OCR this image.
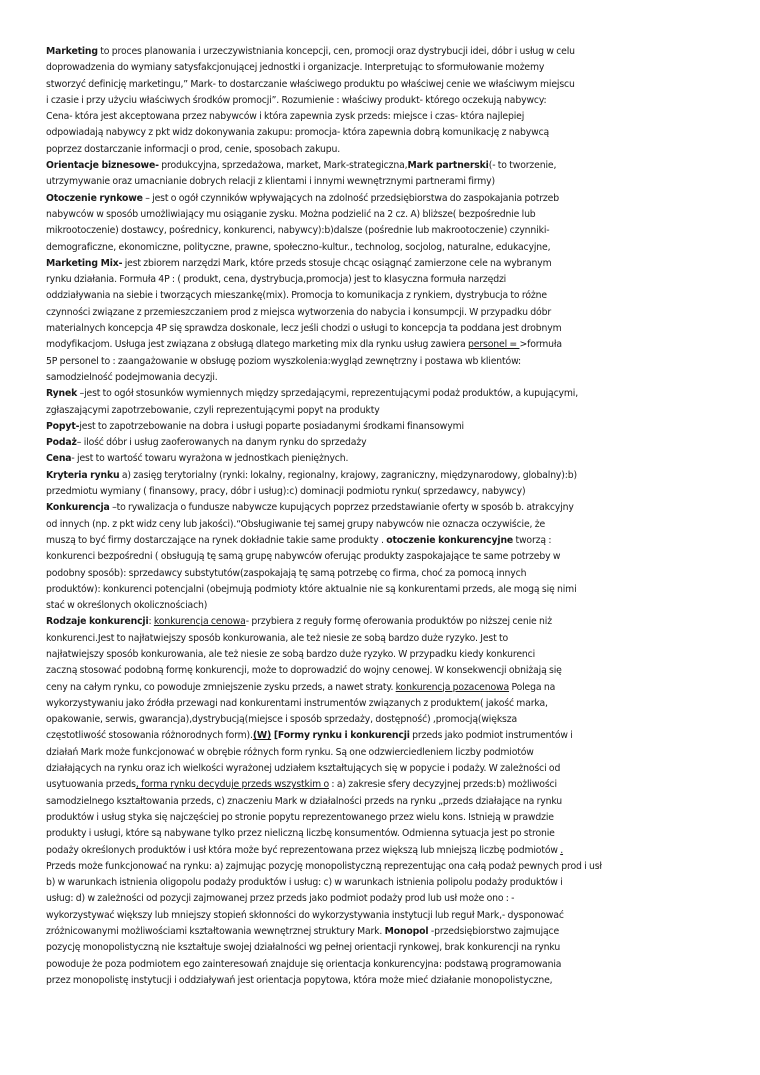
Marketing to proces planowania i urzeczywistniania koncepcji, cen, promocji oraz dystrybucji idei, dóbr i usług w celu
doprowadzenia do wymiany satysfakcjonującej jednostki i organizacje. Interpretując to sformułowanie możemy
stworzyć definicję marketingu,” Mark- to dostarczanie właściwego produktu po właściwej cenie we właściwym miejscu
i czasie i przy użyciu właściwych środków promocji”. Rozumienie : właściwy produkt- którego oczekują nabywcy:
Cena- która jest akceptowana przez nabywców i która zapewnia zysk przeds: miejsce i czas- która najlepiej
odpowiadają nabywcy z pkt widz dokonywania zakupu: promocja- która zapewnia dobrą komunikację z nabywcą
poprzez dostarczanie informacji o prod, cenie, sposobach zakupu.
Orientacje biznesowe- produkcyjna, sprzedażowa, market, Mark-strategiczna,Mark partnerski(- to tworzenie,
utrzymywanie oraz umacnianie dobrych relacji z klientami i innymi wewnętrznymi partnerami firmy)
Otoczenie rynkowe – jest o ogół czynników wpływających na zdolność przedsiębiorstwa do zaspokajania potrzeb
nabywców w sposób umożliwiający mu osiąganie zysku. Można podzielić na 2 cz. A) bliższe( bezpośrednie lub
mikrootoczenie) dostawcy, pośrednicy, konkurenci, nabywcy):b)dalsze (pośrednie lub makrootoczenie) czynniki-
demograficzne, ekonomiczne, polityczne, prawne, społeczno-kultur., technolog, socjolog, naturalne, edukacyjne,
Marketing Mix- jest zbiorem narzędzi Mark, które przeds stosuje chcąc osiągnąć zamierzone cele na wybranym
rynku działania. Formuła 4P : ( produkt, cena, dystrybucja,promocja) jest to klasyczna formuła narzędzi
oddziaływania na siebie i tworzących mieszankę(mix). Promocja to komunikacja z rynkiem, dystrybucja to różne
czynności związane z przemieszczaniem prod z miejsca wytworzenia do nabycia i konsumpcji. W przypadku dóbr
materialnych koncepcja 4P się sprawdza doskonale, lecz jeśli chodzi o usługi to koncepcja ta poddana jest drobnym
modyfikacjom. Usługa jest związana z obsługą dlatego marketing mix dla rynku usług zawiera personel = >formuła
5P personel to : zaangażowanie w obsługę poziom wyszkolenia:wygląd zewnętrzny i postawa wb klientów:
samodzielność podejmowania decyzji.
Rynek –jest to ogół stosunków wymiennych między sprzedającymi, reprezentującymi podaż produktów, a kupującymi,
zgłaszającymi zapotrzebowanie, czyli reprezentującymi popyt na produkty
Popyt-jest to zapotrzebowanie na dobra i usługi poparte posiadanymi środkami finansowymi
Podaż– ilość dóbr i usług zaoferowanych na danym rynku do sprzedaży
Cena- jest to wartość towaru wyrażona w jednostkach pieniężnych.
Kryteria rynku a) zasięg terytorialny (rynki: lokalny, regionalny, krajowy, zagraniczny, międzynarodowy, globalny):b)
przedmiotu wymiany ( finansowy, pracy, dóbr i usług):c) dominacji podmiotu rynku( sprzedawcy, nabywcy)
Konkurencja –to rywalizacja o fundusze nabywcze kupujących poprzez przedstawianie oferty w sposób b. atrakcyjny
od innych (np. z pkt widz ceny lub jakości).“Obsługiwanie tej samej grupy nabywców nie oznacza oczywiście, że
muszą to być firmy dostarczające na rynek dokładnie takie same produkty . otoczenie konkurencyjne tworzą :
konkurenci bezpośredni ( obsługują tę samą grupę nabywców oferując produkty zaspokajające te same potrzeby w
podobny sposób): sprzedawcy substytutów(zaspokajają tę samą potrzebę co firma, choć za pomocą innych
produktów): konkurenci potencjalni (obejmują podmioty które aktualnie nie są konkurentami przeds, ale mogą się nimi
stać w określonych okolicznościach)
Rodzaje konkurencji: konkurencja cenowa- przybiera z reguły formę oferowania produktów po niższej cenie niż
konkurenci.Jest to najłatwiejszy sposób konkurowania, ale też niesie ze sobą bardzo duże ryzyko. Jest to
najłatwiejszy sposób konkurowania, ale też niesie ze sobą bardzo duże ryzyko. W przypadku kiedy konkurenci
zaczną stosować podobną formę konkurencji, może to doprowadzić do wojny cenowej. W konsekwencji obniżają się
ceny na całym rynku, co powoduje zmniejszenie zysku przeds, a nawet straty. konkurencja pozacenowa Polega na
wykorzystywaniu jako źródła przewagi nad konkurentami instrumentów związanych z produktem( jakość marka,
opakowanie, serwis, gwarancja),dystrybucją(miejsce i sposób sprzedaży, dostępność) ,promocją(większa
częstotliwość stosowania różnorodnych form).(W) [Formy rynku i konkurencji przeds jako podmiot instrumentów i
działań Mark może funkcjonować w obrębie różnych form rynku. Są one odzwierciedleniem liczby podmiotów
działających na rynku oraz ich wielkości wyrażonej udziałem kształtujących się w popycie i podaży. W zależności od
usytuowania przeds, forma rynku decyduje przeds wszystkim o : a) zakresie sfery decyzyjnej przeds:b) możliwości
samodzielnego kształtowania przeds, c) znaczeniu Mark w działalności przeds na rynku „przeds działające na rynku
produktów i usług styka się najczęściej po stronie popytu reprezentowanego przez wielu kons. Istnieją w prawdzie
produkty i usługi, które są nabywane tylko przez nieliczną liczbę konsumentów. Odmienna sytuacja jest po stronie
podaży określonych produktów i usł która może być reprezentowana przez większą lub mniejszą liczbę podmiotów .
Przeds może funkcjonować na rynku: a) zajmując pozycję monopolistyczną reprezentując ona całą podaż pewnych prod i usł
b) w warunkach istnienia oligopolu podaży produktów i usług: c) w warunkach istnienia polipolu podaży produktów i
usług: d) w zależności od pozycji zajmowanej przez przeds jako podmiot podaży prod lub usł może ono : -
wykorzystywać większy lub mniejszy stopień skłonności do wykorzystywania instytucji lub reguł Mark,- dysponować
zróżnicowanymi możliwościami kształtowania wewnętrznej struktury Mark. Monopol -przedsiębiorstwo zajmujące
pozycję monopolistyczną nie kształtuje swojej działalności wg pełnej orientacji rynkowej, brak konkurencji na rynku
powoduje że poza podmiotem ego zainteresowań znajduje się orientacja konkurencyjna: podstawą programowania
przez monopolistę instytucji i oddziaływań jest orientacja popytowa, która może mieć działanie monopolistyczne,
